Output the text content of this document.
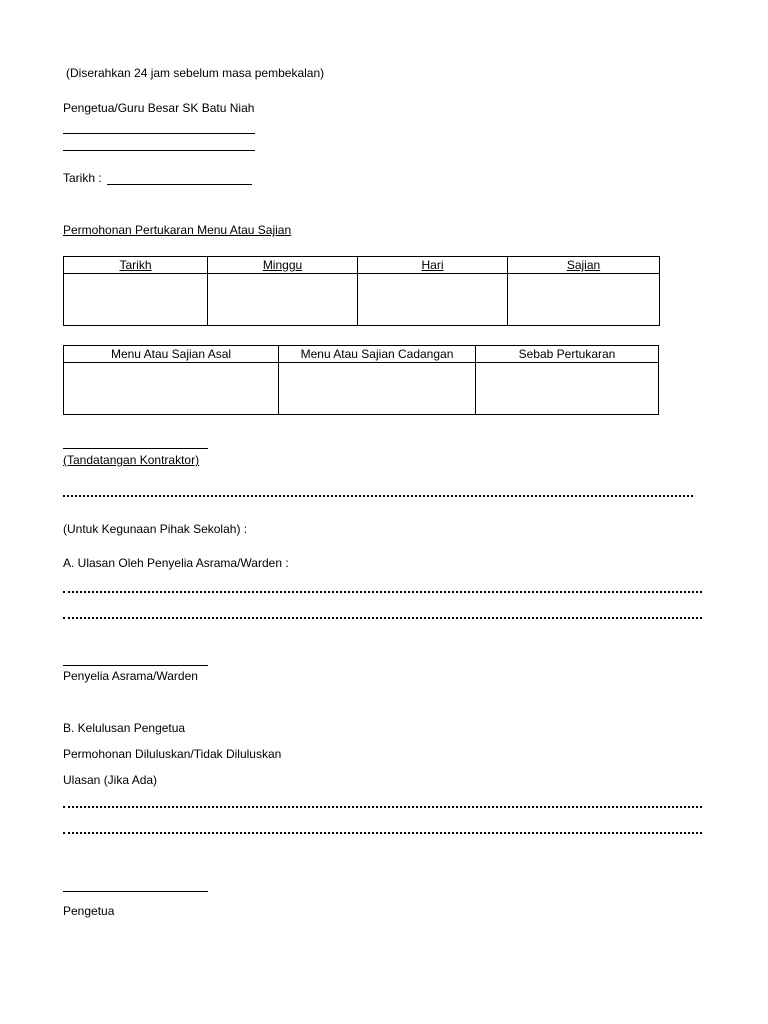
(Diserahkan 24 jam sebelum masa pembekalan)
Pengetua/Guru Besar SK Batu Niah
Tarikh :
Permohonan Pertukaran Menu Atau Sajian
Tarikh	Minggu	Hari	Sajian

Menu Atau Sajian Asal	Menu Atau Sajian Cadangan	Sebab Pertukaran

(Tandatangan Kontraktor)
(Untuk Kegunaan Pihak Sekolah) :
A. Ulasan Oleh Penyelia Asrama/Warden :
Penyelia Asrama/Warden
B. Kelulusan Pengetua
Permohonan Diluluskan/Tidak Diluluskan
Ulasan (Jika Ada)
Pengetua
